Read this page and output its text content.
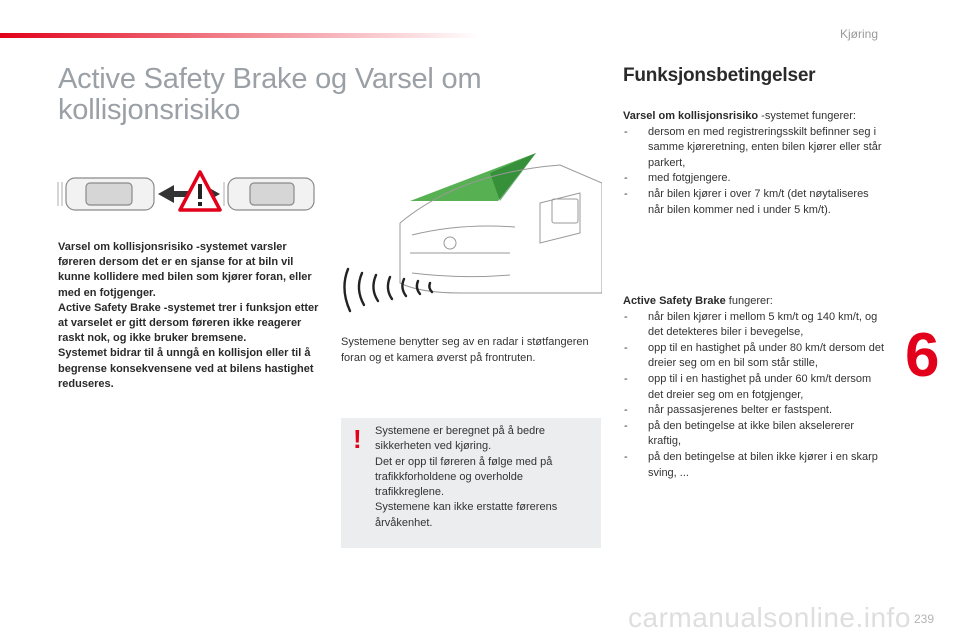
Kjøring
Active Safety Brake og Varsel om kollisjonsrisiko

Varsel om kollisjonsrisiko -systemet varsler føreren dersom det er en sjanse for at biln vil kunne kollidere med bilen som kjører foran, eller med en fotjgenger.

Active Safety Brake -systemet trer i funksjon etter at varselet er gitt dersom føreren ikke reagerer raskt nok, og ikke bruker bremsene.

Systemet bidrar til å unngå en kollisjon eller til å begrense konsekvensene ved at bilens hastighet reduseres.

Systemene benytter seg av en radar i støtfangeren foran og et kamera øverst på frontruten.
! Systemene er beregnet på å bedre sikkerheten ved kjøring.
Det er opp til føreren å følge med på trafikkforholdene og overholde trafikkreglene.
Systemene kan ikke erstatte førerens årvåkenhet.
Funksjonsbetingelser
Varsel om kollisjonsrisiko -systemet fungerer:
- dersom en med registreringsskilt befinner seg i samme kjøreretning, enten bilen kjører eller står parkert,
- med fotgjengere.
- når bilen kjører i over 7 km/t (det nøytaliseres når bilen kommer ned i under 5 km/t).
Active Safety Brake fungerer:
- når bilen kjører i mellom 5 km/t og 140 km/t, og det detekteres biler i bevegelse,
- opp til en hastighet på under 80 km/t dersom det dreier seg om en bil som står stille,
- opp til i en hastighet på under 60 km/t dersom det dreier seg om en fotgjenger,
- når passasjerenes belter er fastspent.
- på den betingelse at ikke bilen akselererer kraftig,
- på den betingelse at bilen ikke kjører i en skarp sving, ...
6
carmanualsonline.info 239
